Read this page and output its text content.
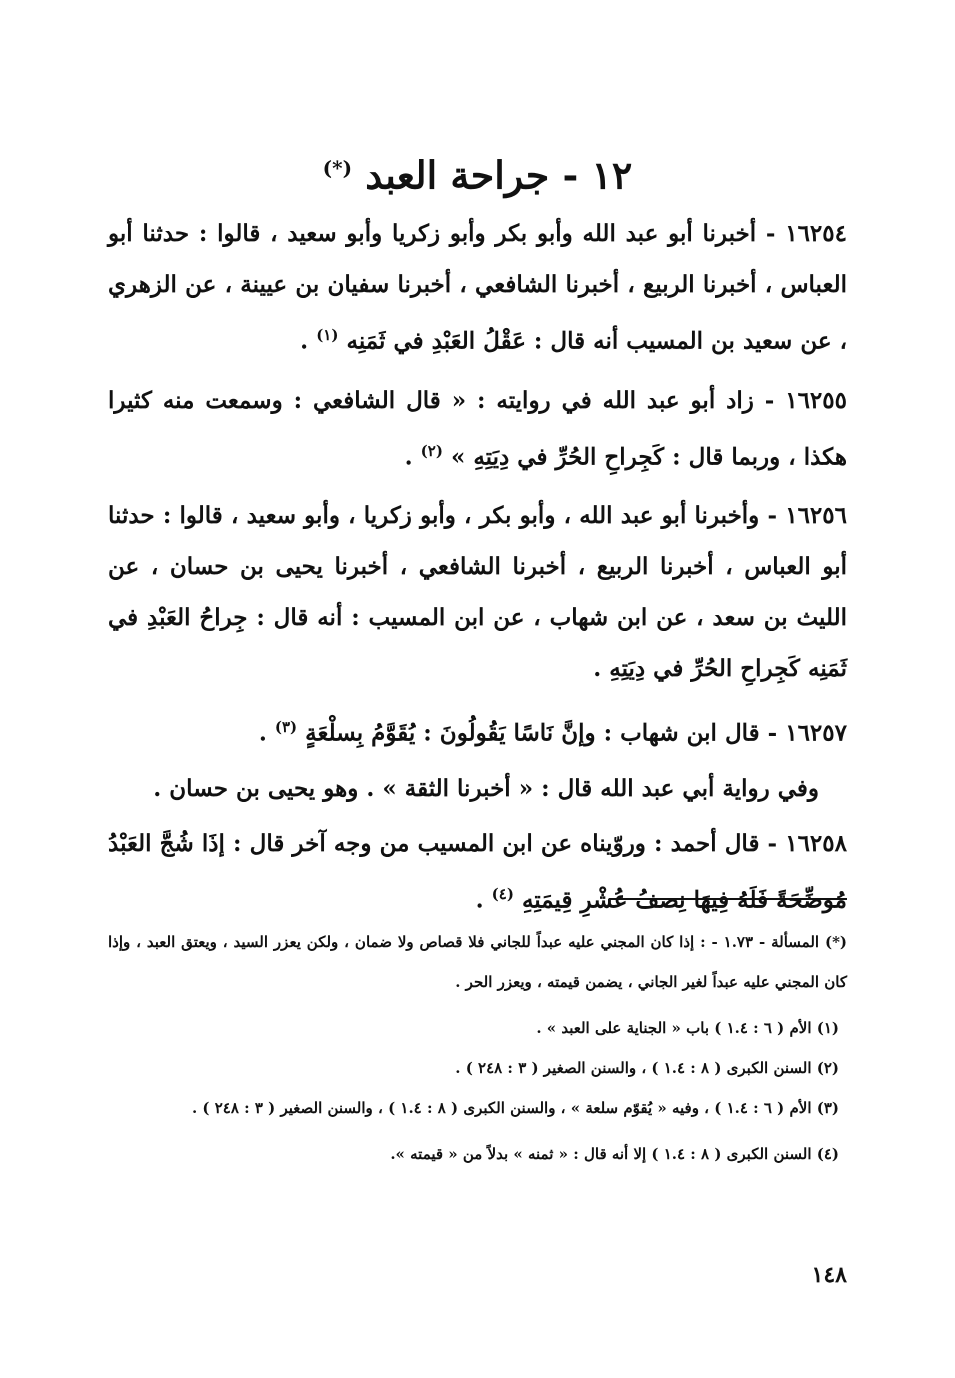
١٢ - جراحة العبد (*)

١٦٢٥٤ - أخبرنا أبو عبد الله وأبو بكر وأبو زكريا وأبو سعيد ، قالوا : حدثنا أبو العباس ، أخبرنا الربيع ، أخبرنا الشافعي ، أخبرنا سفيان بن عيينة ، عن الزهري ، عن سعيد بن المسيب أنه قال : عَقْلُ العَبْدِ في ثَمَنِه $^{(١)}$ .

١٦٢٥٥ - زاد أبو عبد الله في روايته : « قال الشافعي : وسمعت منه كثيرا هكذا ، وربما قال : كَجِراحِ الحُرِّ في دِيَتِهِ » $^{(٢)}$ .

١٦٢٥٦ - وأخبرنا أبو عبد الله ، وأبو بكر ، وأبو زكريا ، وأبو سعيد ، قالوا : حدثنا أبو العباس ، أخبرنا الربيع ، أخبرنا الشافعي ، أخبرنا يحيى بن حسان ، عن الليث بن سعد ، عن ابن شهاب ، عن ابن المسيب : أنه قال : جِراحُ العَبْدِ في ثَمَنِه كَجِراحِ الحُرِّ في دِيَتِهِ .

١٦٢٥٧ - قال ابن شهاب : وإنَّ نَاسًا يَقُولُونَ : يُقَوَّمُ بِسلْعَةٍ $^{(٣)}$ .

وفي رواية أبي عبد الله قال : « أخبرنا الثقة » . وهو يحيى بن حسان .

١٦٢٥٨ - قال أحمد : وروّيناه عن ابن المسيب من وجه آخر قال : إذَا شُجَّ العَبْدُ مُوضِّحَةً فَلَهُ فِيهَا نِصفُ عُشْرِ قِيمَتِهِ $^{(٤)}$ .

(*) المسألة - ١.٧٣ - : إذا كان المجني عليه عبداً للجاني فلا قصاص ولا ضمان ، ولكن يعزر السيد ، ويعتق العبد ، وإذا كان المجني عليه عبداً لغير الجاني ، يضمن قيمته ، ويعزر الحر .

(١) الأم ( ٦ : ١.٤ ) باب « الجناية على العبد » .

(٢) السنن الكبرى ( ٨ : ١.٤ ) ، والسنن الصغير ( ٣ : ٢٤٨ ) .

(٣) الأم ( ٦ : ١.٤ ) ، وفيه « يُقوّم سلعة » ، والسنن الكبرى ( ٨ : ١.٤ ) ، والسنن الصغير ( ٣ : ٢٤٨ ) .

(٤) السنن الكبرى ( ٨ : ١.٤ ) إلا أنه قال : « ثمنه » بدلاً من « قيمته ».

١٤٨
